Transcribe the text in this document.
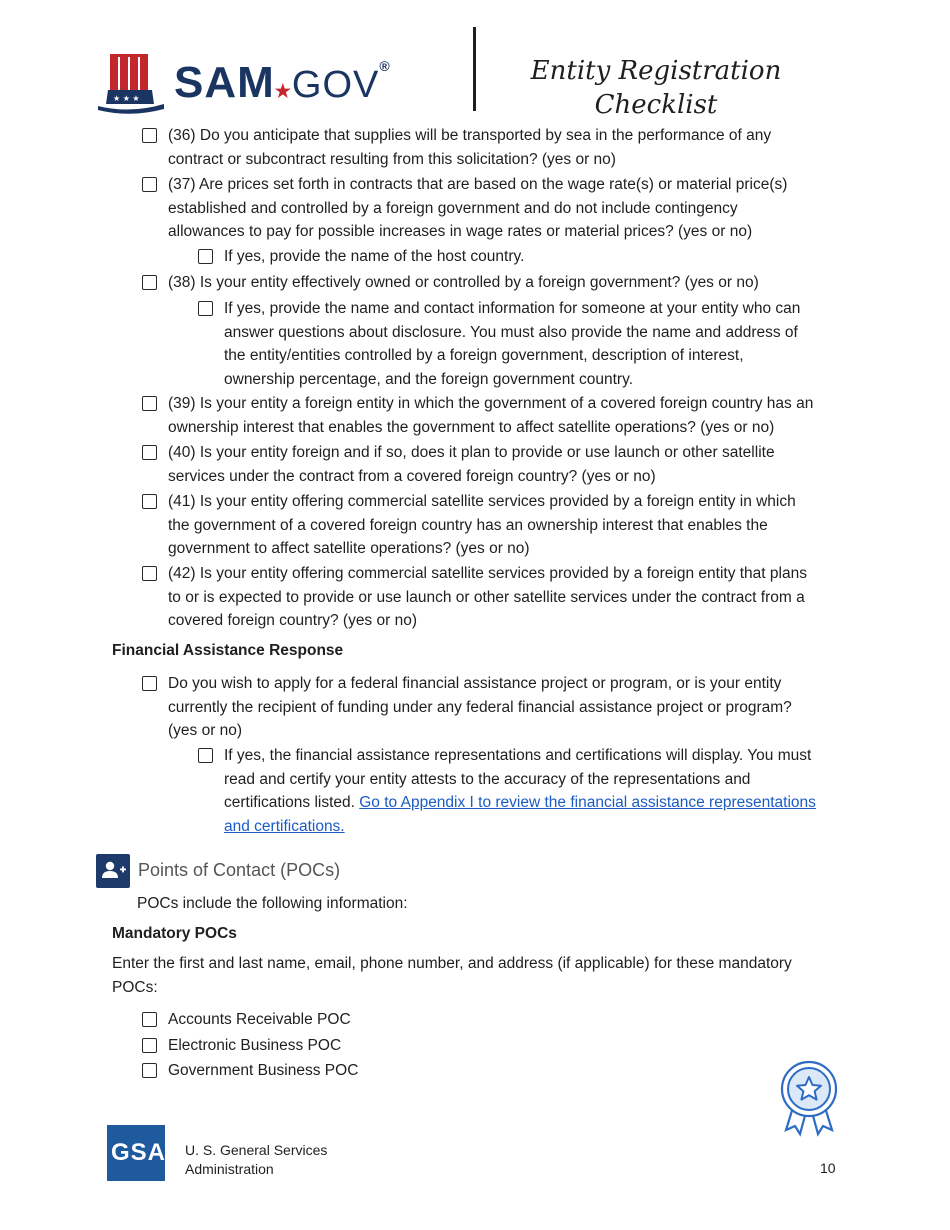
★ ★ ★ SAM★GOV®	Entity Registration
Checklist
(36) Do you anticipate that supplies will be transported by sea in the performance of any
contract or subcontract resulting from this solicitation? (yes or no)
(37) Are prices set forth in contracts that are based on the wage rate(s) or material price(s)
established and controlled by a foreign government and do not include contingency
allowances to pay for possible increases in wage rates or material prices? (yes or no)
If yes, provide the name of the host country.
(38) Is your entity effectively owned or controlled by a foreign government? (yes or no)
If yes, provide the name and contact information for someone at your entity who can
answer questions about disclosure. You must also provide the name and address of
the entity/entities controlled by a foreign government, description of interest,
ownership percentage, and the foreign government country.
(39) Is your entity a foreign entity in which the government of a covered foreign country has an
ownership interest that enables the government to affect satellite operations? (yes or no)
(40) Is your entity foreign and if so, does it plan to provide or use launch or other satellite
services under the contract from a covered foreign country? (yes or no)
(41) Is your entity offering commercial satellite services provided by a foreign entity in which
the government of a covered foreign country has an ownership interest that enables the
government to affect satellite operations? (yes or no)
(42) Is your entity offering commercial satellite services provided by a foreign entity that plans
to or is expected to provide or use launch or other satellite services under the contract from a
covered foreign country? (yes or no)
Financial Assistance Response
Do you wish to apply for a federal financial assistance project or program, or is your entity
currently the recipient of funding under any federal financial assistance project or program?
(yes or no)
If yes, the financial assistance representations and certifications will display. You must
read and certify your entity attests to the accuracy of the representations and
certifications listed. Go to Appendix I to review the financial assistance representations
and certifications.
Points of Contact (POCs)
POCs include the following information:
Mandatory POCs
Enter the first and last name, email, phone number, and address (if applicable) for these mandatory
POCs:
Accounts Receivable POC
Electronic Business POC
Government Business POC
GSA U. S. General Services
Administration	10
